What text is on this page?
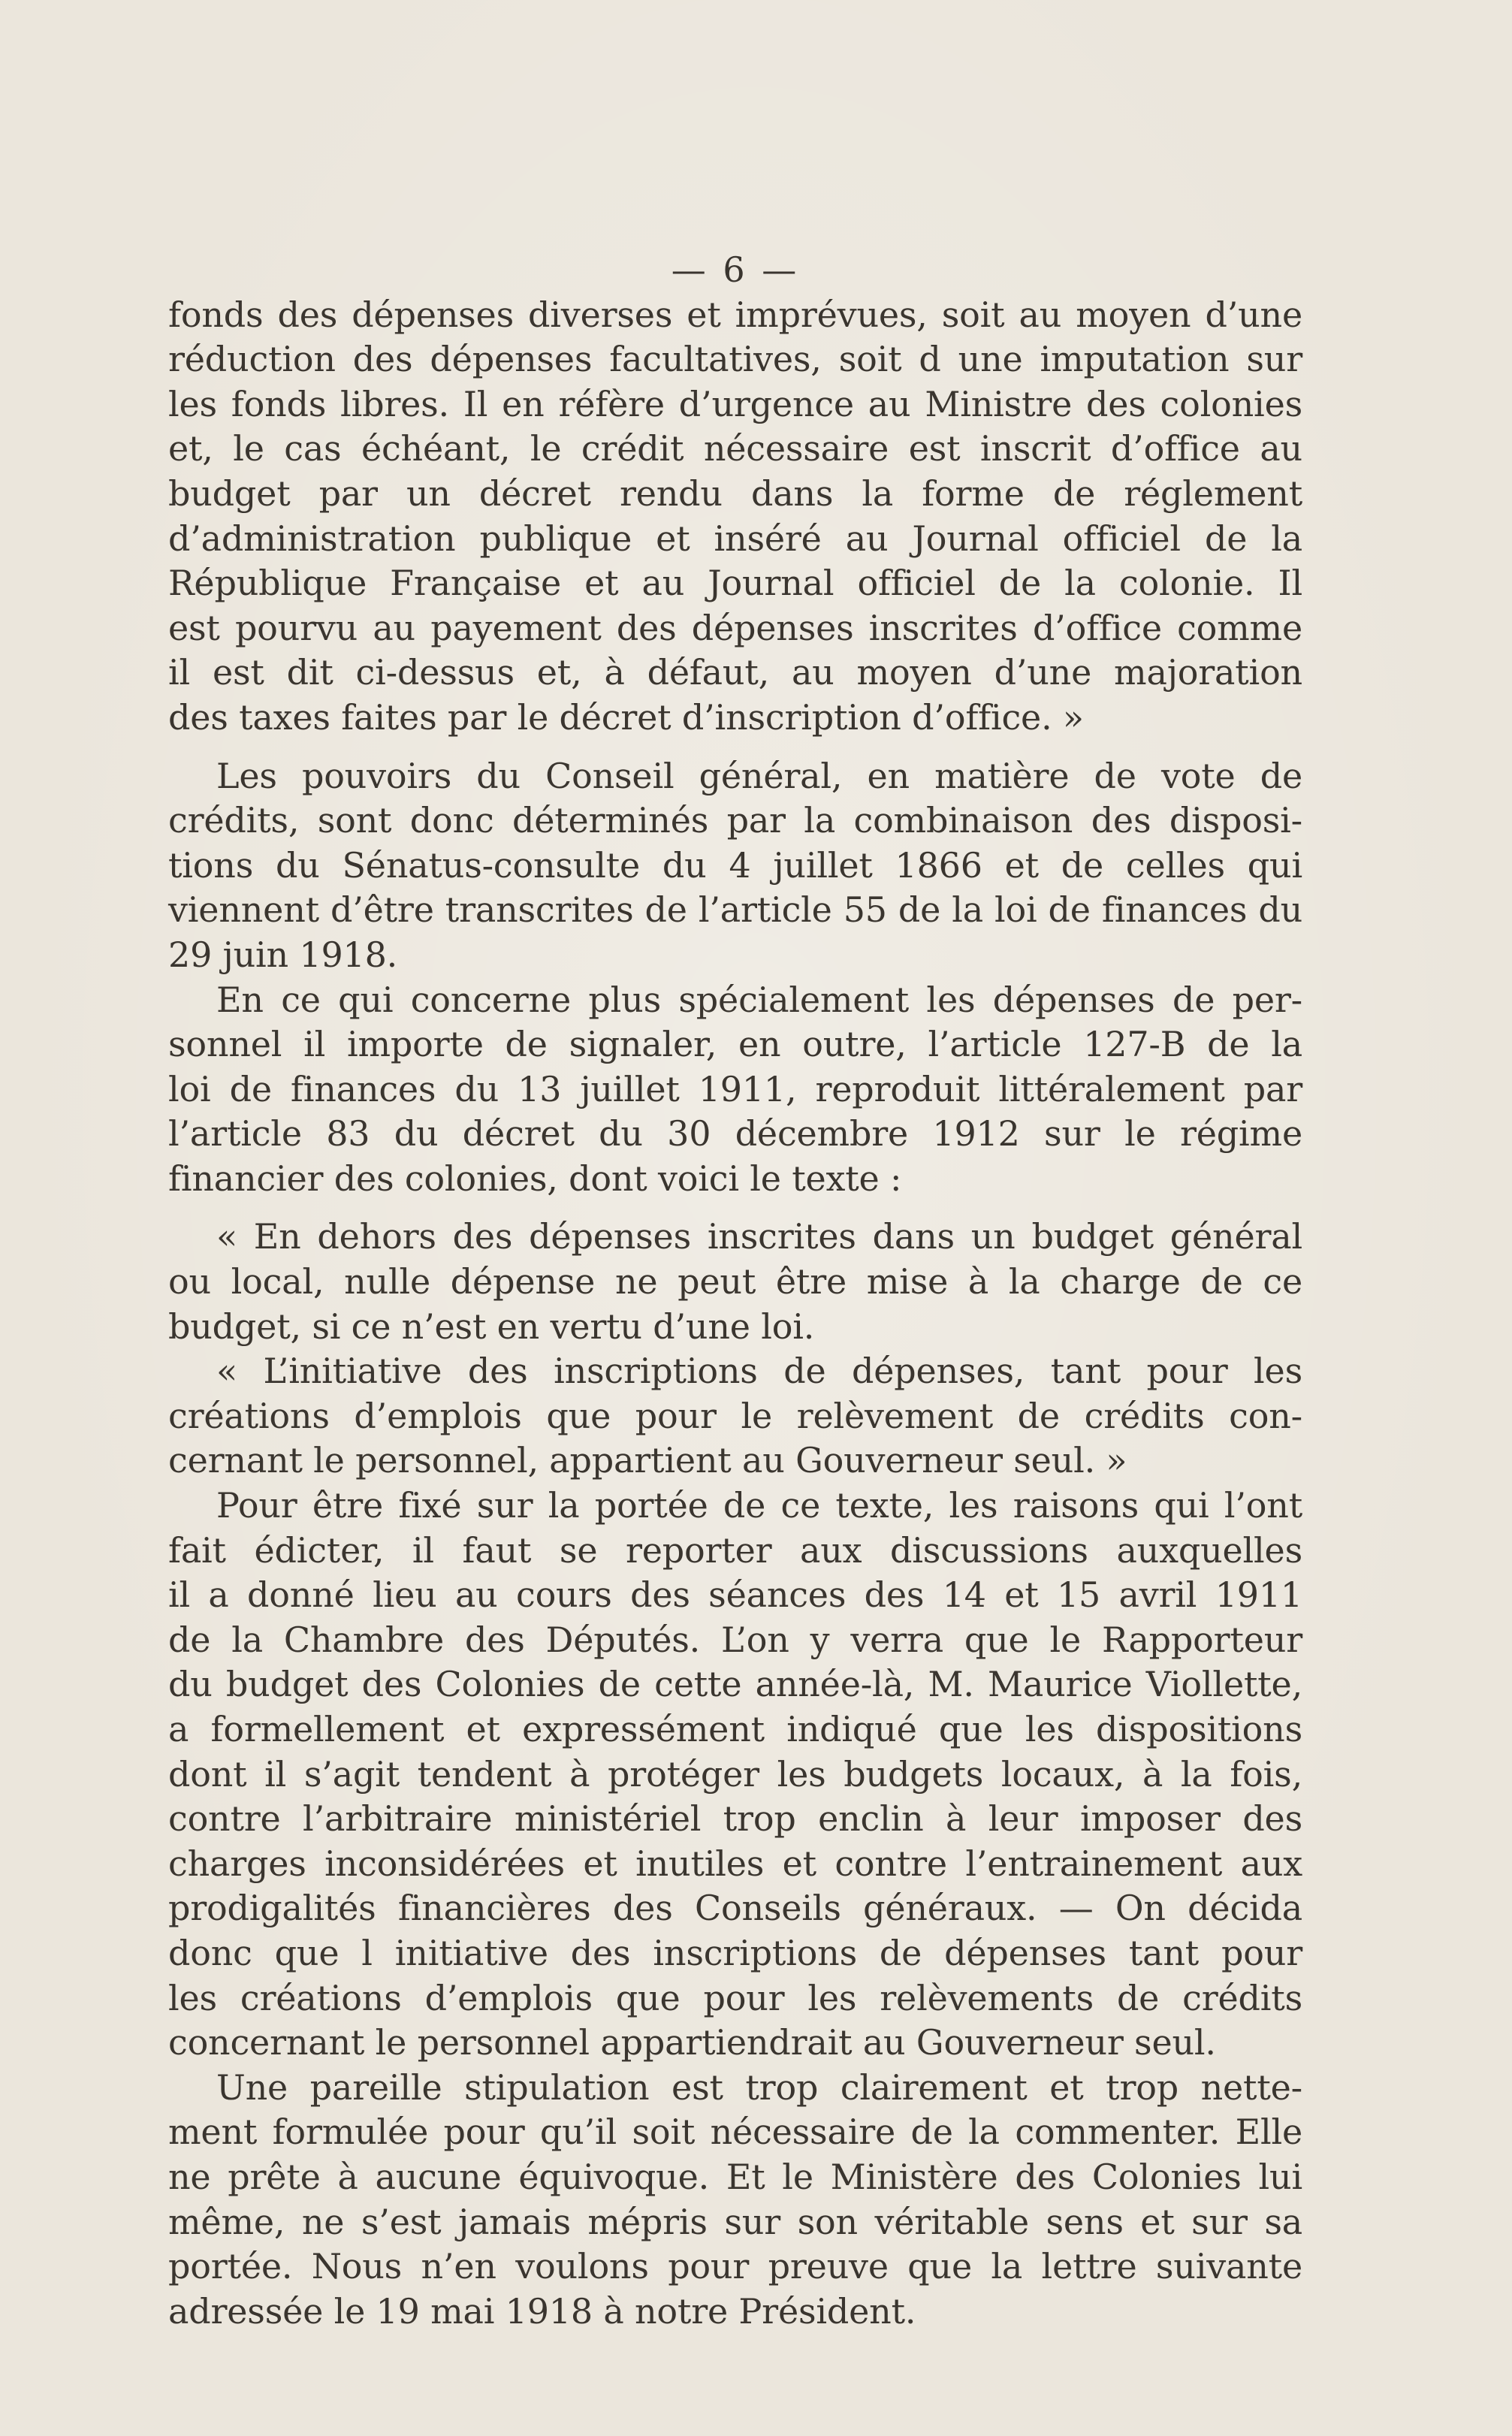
— 6 —
fonds des dépenses diverses et imprévues, soit au moyen d’une
réduction des dépenses facultatives, soit d une imputation sur
les fonds libres. Il en réfère d’urgence au Ministre des colonies
et, le cas échéant, le crédit nécessaire est inscrit d’office au
budget par un décret rendu dans la forme de réglement
d’administration publique et inséré au Journal officiel de la
République Française et au Journal officiel de la colonie. Il
est pourvu au payement des dépenses inscrites d’office comme
il est dit ci-dessus et, à défaut, au moyen d’une majoration
des taxes faites par le décret d’inscription d’office. »
Les pouvoirs du Conseil général, en matière de vote de
crédits, sont donc déterminés par la combinaison des disposi-
tions du Sénatus-consulte du 4 juillet 1866 et de celles qui
viennent d’être transcrites de l’article 55 de la loi de finances du
29 juin 1918.
En ce qui concerne plus spécialement les dépenses de per-
sonnel il importe de signaler, en outre, l’article 127-B de la
loi de finances du 13 juillet 1911, reproduit littéralement par
l’article 83 du décret du 30 décembre 1912 sur le régime
financier des colonies, dont voici le texte :
« En dehors des dépenses inscrites dans un budget général
ou local, nulle dépense ne peut être mise à la charge de ce
budget, si ce n’est en vertu d’une loi.
« L’initiative des inscriptions de dépenses, tant pour les
créations d’emplois que pour le relèvement de crédits con-
cernant le personnel, appartient au Gouverneur seul. »
Pour être fixé sur la portée de ce texte, les raisons qui l’ont
fait édicter, il faut se reporter aux discussions auxquelles
il a donné lieu au cours des séances des 14 et 15 avril 1911
de la Chambre des Députés. L’on y verra que le Rapporteur
du budget des Colonies de cette année-là, M. Maurice Viollette,
a formellement et expressément indiqué que les dispositions
dont il s’agit tendent à protéger les budgets locaux, à la fois,
contre l’arbitraire ministériel trop enclin à leur imposer des
charges inconsidérées et inutiles et contre l’entrainement aux
prodigalités financières des Conseils généraux. — On décida
donc que l initiative des inscriptions de dépenses tant pour
les créations d’emplois que pour les relèvements de crédits
concernant le personnel appartiendrait au Gouverneur seul.
Une pareille stipulation est trop clairement et trop nette-
ment formulée pour qu’il soit nécessaire de la commenter. Elle
ne prête à aucune équivoque. Et le Ministère des Colonies lui
même, ne s’est jamais mépris sur son véritable sens et sur sa
portée. Nous n’en voulons pour preuve que la lettre suivante
adressée le 19 mai 1918 à notre Président.
